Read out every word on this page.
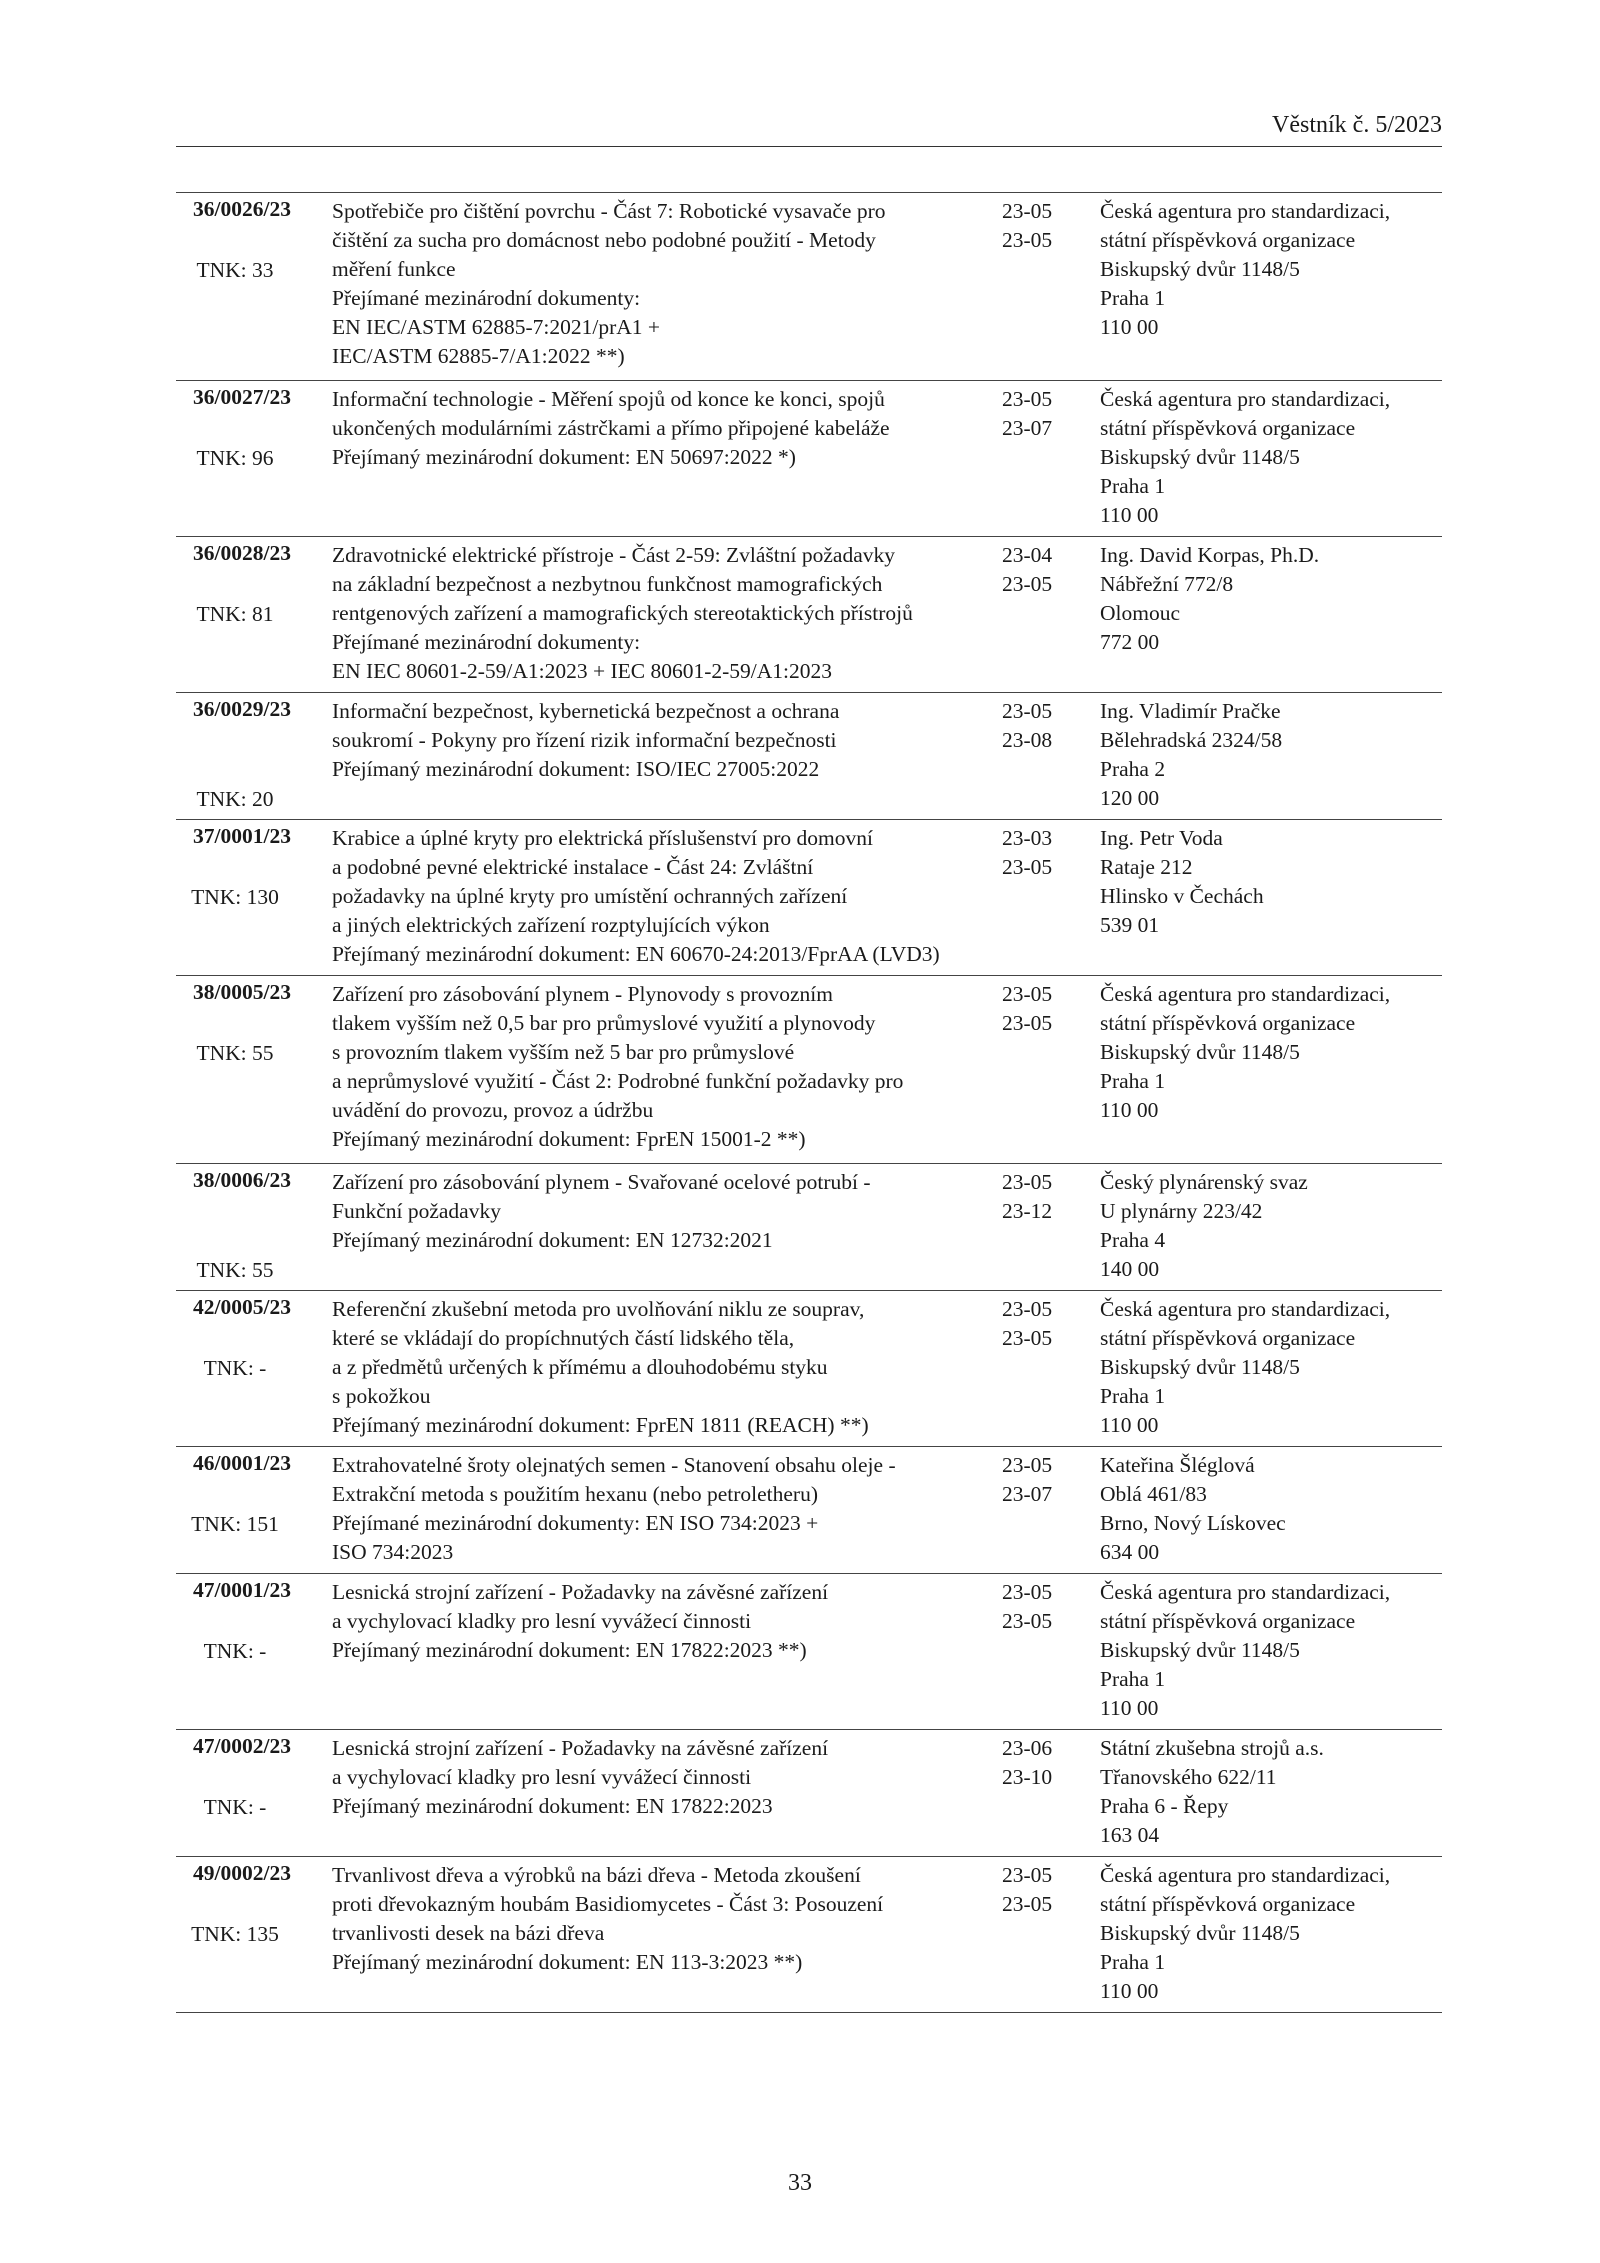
Věstník č. 5/2023
36/0026/23
TNK: 33
Spotřebiče pro čištění povrchu - Část 7: Robotické vysavače pro
čištění za sucha pro domácnost nebo podobné použití - Metody
měření funkce
Přejímané mezinárodní dokumenty:
EN IEC/ASTM 62885-7:2021/prA1 +
IEC/ASTM 62885-7/A1:2022 **)
23-05
23-05
Česká agentura pro standardizaci,
státní příspěvková organizace
Biskupský dvůr 1148/5
Praha 1
110 00
36/0027/23
TNK: 96
Informační technologie - Měření spojů od konce ke konci, spojů
ukončených modulárními zástrčkami a přímo připojené kabeláže
Přejímaný mezinárodní dokument: EN 50697:2022 *)
23-05
23-07
Česká agentura pro standardizaci,
státní příspěvková organizace
Biskupský dvůr 1148/5
Praha 1
110 00
36/0028/23
TNK: 81
Zdravotnické elektrické přístroje - Část 2-59: Zvláštní požadavky
na základní bezpečnost a nezbytnou funkčnost mamografických
rentgenových zařízení a mamografických stereotaktických přístrojů
Přejímané mezinárodní dokumenty:
EN IEC 80601-2-59/A1:2023 + IEC 80601-2-59/A1:2023
23-04
23-05
Ing. David Korpas, Ph.D.
Nábřežní 772/8
Olomouc
772 00
36/0029/23
TNK: 20
Informační bezpečnost, kybernetická bezpečnost a ochrana
soukromí - Pokyny pro řízení rizik informační bezpečnosti
Přejímaný mezinárodní dokument: ISO/IEC 27005:2022
23-05
23-08
Ing. Vladimír Pračke
Bělehradská 2324/58
Praha 2
120 00
37/0001/23
TNK: 130
Krabice a úplné kryty pro elektrická příslušenství pro domovní
a podobné pevné elektrické instalace - Část 24: Zvláštní
požadavky na úplné kryty pro umístění ochranných zařízení
a jiných elektrických zařízení rozptylujících výkon
Přejímaný mezinárodní dokument: EN 60670-24:2013/FprAA (LVD3)
23-03
23-05
Ing. Petr Voda
Rataje 212
Hlinsko v Čechách
539 01
38/0005/23
TNK: 55
Zařízení pro zásobování plynem - Plynovody s provozním
tlakem vyšším než 0,5 bar pro průmyslové využití a plynovody
s provozním tlakem vyšším než 5 bar pro průmyslové
a neprůmyslové využití - Část 2: Podrobné funkční požadavky pro
uvádění do provozu, provoz a údržbu
Přejímaný mezinárodní dokument: FprEN 15001-2 **)
23-05
23-05
Česká agentura pro standardizaci,
státní příspěvková organizace
Biskupský dvůr 1148/5
Praha 1
110 00
38/0006/23
TNK: 55
Zařízení pro zásobování plynem - Svařované ocelové potrubí -
Funkční požadavky
Přejímaný mezinárodní dokument: EN 12732:2021
23-05
23-12
Český plynárenský svaz
U plynárny 223/42
Praha 4
140 00
42/0005/23
TNK: -
Referenční zkušební metoda pro uvolňování niklu ze souprav,
které se vkládají do propíchnutých částí lidského těla,
a z předmětů určených k přímému a dlouhodobému styku
s pokožkou
Přejímaný mezinárodní dokument: FprEN 1811 (REACH) **)
23-05
23-05
Česká agentura pro standardizaci,
státní příspěvková organizace
Biskupský dvůr 1148/5
Praha 1
110 00
46/0001/23
TNK: 151
Extrahovatelné šroty olejnatých semen - Stanovení obsahu oleje -
Extrakční metoda s použitím hexanu (nebo petroletheru)
Přejímané mezinárodní dokumenty: EN ISO 734:2023 +
ISO 734:2023
23-05
23-07
Kateřina Šléglová
Oblá 461/83
Brno, Nový Lískovec
634 00
47/0001/23
TNK: -
Lesnická strojní zařízení - Požadavky na závěsné zařízení
a vychylovací kladky pro lesní vyvážecí činnosti
Přejímaný mezinárodní dokument: EN 17822:2023 **)
23-05
23-05
Česká agentura pro standardizaci,
státní příspěvková organizace
Biskupský dvůr 1148/5
Praha 1
110 00
47/0002/23
TNK: -
Lesnická strojní zařízení - Požadavky na závěsné zařízení
a vychylovací kladky pro lesní vyvážecí činnosti
Přejímaný mezinárodní dokument: EN 17822:2023
23-06
23-10
Státní zkušebna strojů a.s.
Třanovského 622/11
Praha 6 - Řepy
163 04
49/0002/23
TNK: 135
Trvanlivost dřeva a výrobků na bázi dřeva - Metoda zkoušení
proti dřevokazným houbám Basidiomycetes - Část 3: Posouzení
trvanlivosti desek na bázi dřeva
Přejímaný mezinárodní dokument: EN 113-3:2023 **)
23-05
23-05
Česká agentura pro standardizaci,
státní příspěvková organizace
Biskupský dvůr 1148/5
Praha 1
110 00
33
